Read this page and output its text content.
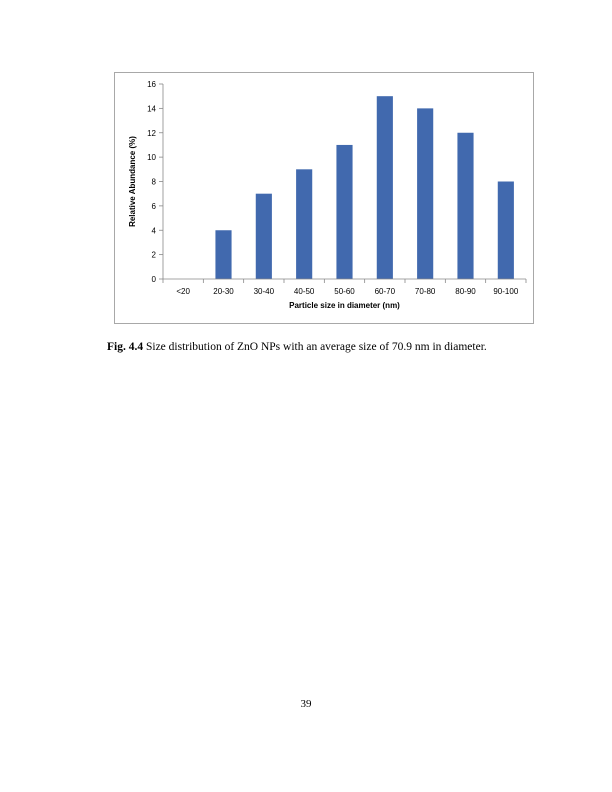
0
2
4
6
8
10
12
14
16
<20	20-30 30-40 40-50 50-60 60-70 70-80 80-90 90-100
Relative Abundance (%)
Particle size in diameter (nm)
Fig. 4.4 Size distribution of ZnO NPs with an average size of 70.9 nm in diameter.
39
